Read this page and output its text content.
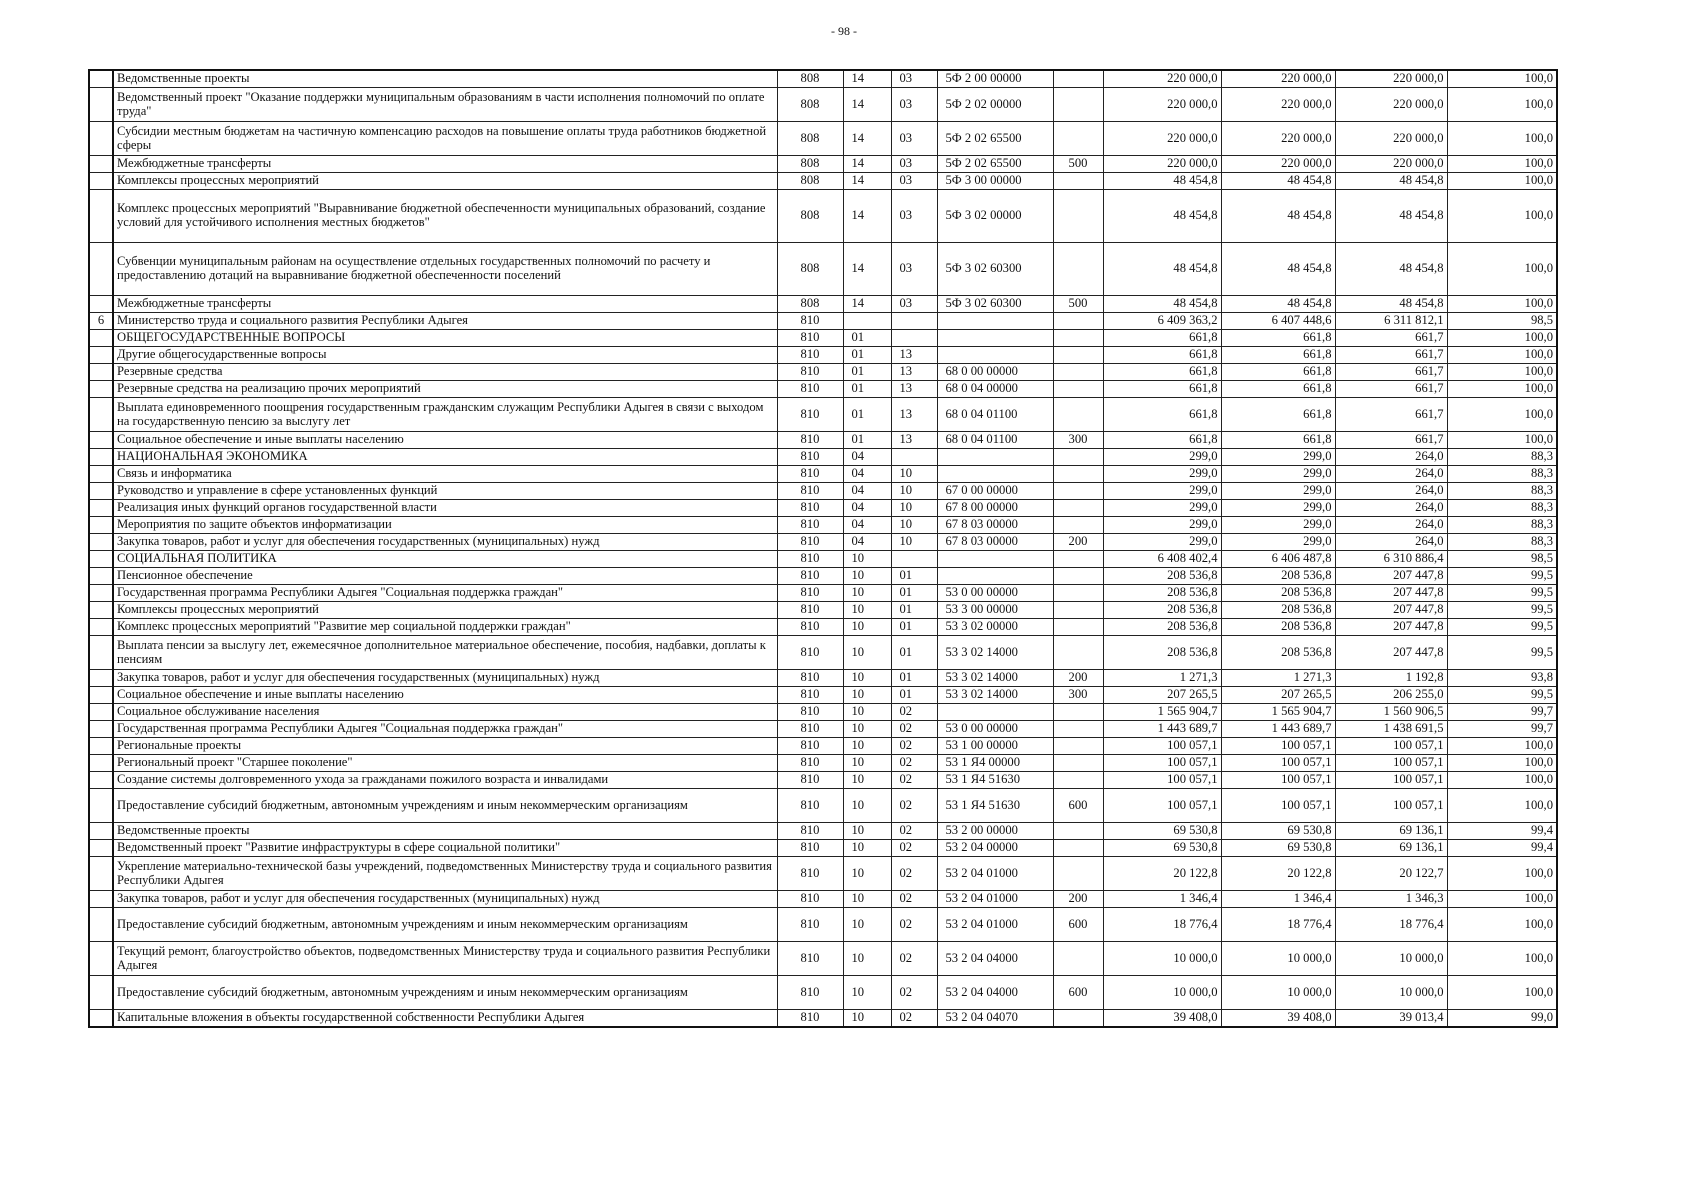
- 98 -
	Ведомственные проекты	808	14	03	5Ф 2 00 00000		220 000,0	220 000,0	220 000,0	100,0
	Ведомственный проект "Оказание поддержки муниципальным образованиям в части исполнения полномочий по оплате труда"	808	14	03	5Ф 2 02 00000		220 000,0	220 000,0	220 000,0	100,0
	Субсидии местным бюджетам на частичную компенсацию расходов на повышение оплаты труда работников бюджетной сферы	808	14	03	5Ф 2 02 65500		220 000,0	220 000,0	220 000,0	100,0
	Межбюджетные трансферты	808	14	03	5Ф 2 02 65500	500	220 000,0	220 000,0	220 000,0	100,0
	Комплексы процессных мероприятий	808	14	03	5Ф 3 00 00000		48 454,8	48 454,8	48 454,8	100,0
	Комплекс процессных мероприятий "Выравнивание бюджетной обеспеченности муниципальных образований, создание условий для устойчивого исполнения местных бюджетов"	808	14	03	5Ф 3 02 00000		48 454,8	48 454,8	48 454,8	100,0
	Субвенции муниципальным районам на осуществление отдельных государственных полномочий по расчету и предоставлению дотаций на выравнивание бюджетной обеспеченности поселений	808	14	03	5Ф 3 02 60300		48 454,8	48 454,8	48 454,8	100,0
	Межбюджетные трансферты	808	14	03	5Ф 3 02 60300	500	48 454,8	48 454,8	48 454,8	100,0
6	Министерство труда и социального развития Республики Адыгея	810					6 409 363,2	6 407 448,6	6 311 812,1	98,5
	ОБЩЕГОСУДАРСТВЕННЫЕ ВОПРОСЫ	810	01				661,8	661,8	661,7	100,0
	Другие общегосударственные вопросы	810	01	13			661,8	661,8	661,7	100,0
	Резервные средства	810	01	13	68 0 00 00000		661,8	661,8	661,7	100,0
	Резервные средства на реализацию прочих мероприятий	810	01	13	68 0 04 00000		661,8	661,8	661,7	100,0
	Выплата единовременного поощрения государственным гражданским служащим Республики Адыгея в связи с выходом на государственную пенсию за выслугу лет	810	01	13	68 0 04 01100		661,8	661,8	661,7	100,0
	Социальное обеспечение и иные выплаты населению	810	01	13	68 0 04 01100	300	661,8	661,8	661,7	100,0
	НАЦИОНАЛЬНАЯ ЭКОНОМИКА	810	04				299,0	299,0	264,0	88,3
	Связь и информатика	810	04	10			299,0	299,0	264,0	88,3
	Руководство и управление в сфере установленных функций	810	04	10	67 0 00 00000		299,0	299,0	264,0	88,3
	Реализация иных функций органов государственной власти	810	04	10	67 8 00 00000		299,0	299,0	264,0	88,3
	Мероприятия по защите объектов информатизации	810	04	10	67 8 03 00000		299,0	299,0	264,0	88,3
	Закупка товаров, работ и услуг для обеспечения государственных (муниципальных) нужд	810	04	10	67 8 03 00000	200	299,0	299,0	264,0	88,3
	СОЦИАЛЬНАЯ ПОЛИТИКА	810	10				6 408 402,4	6 406 487,8	6 310 886,4	98,5
	Пенсионное обеспечение	810	10	01			208 536,8	208 536,8	207 447,8	99,5
	Государственная программа Республики Адыгея "Социальная поддержка граждан"	810	10	01	53 0 00 00000		208 536,8	208 536,8	207 447,8	99,5
	Комплексы процессных мероприятий	810	10	01	53 3 00 00000		208 536,8	208 536,8	207 447,8	99,5
	Комплекс процессных мероприятий "Развитие мер социальной поддержки граждан"	810	10	01	53 3 02 00000		208 536,8	208 536,8	207 447,8	99,5
	Выплата пенсии за выслугу лет, ежемесячное дополнительное материальное обеспечение, пособия, надбавки, доплаты к пенсиям	810	10	01	53 3 02 14000		208 536,8	208 536,8	207 447,8	99,5
	Закупка товаров, работ и услуг для обеспечения государственных (муниципальных) нужд	810	10	01	53 3 02 14000	200	1 271,3	1 271,3	1 192,8	93,8
	Социальное обеспечение и иные выплаты населению	810	10	01	53 3 02 14000	300	207 265,5	207 265,5	206 255,0	99,5
	Социальное обслуживание населения	810	10	02			1 565 904,7	1 565 904,7	1 560 906,5	99,7
	Государственная программа Республики Адыгея "Социальная поддержка граждан"	810	10	02	53 0 00 00000		1 443 689,7	1 443 689,7	1 438 691,5	99,7
	Региональные проекты	810	10	02	53 1 00 00000		100 057,1	100 057,1	100 057,1	100,0
	Региональный проект "Старшее поколение"	810	10	02	53 1 Я4 00000		100 057,1	100 057,1	100 057,1	100,0
	Создание системы долговременного ухода за гражданами пожилого возраста и инвалидами	810	10	02	53 1 Я4 51630		100 057,1	100 057,1	100 057,1	100,0
	Предоставление субсидий бюджетным, автономным учреждениям и иным некоммерческим организациям	810	10	02	53 1 Я4 51630	600	100 057,1	100 057,1	100 057,1	100,0
	Ведомственные проекты	810	10	02	53 2 00 00000		69 530,8	69 530,8	69 136,1	99,4
	Ведомственный проект "Развитие инфраструктуры в сфере социальной политики"	810	10	02	53 2 04 00000		69 530,8	69 530,8	69 136,1	99,4
	Укрепление материально-технической базы учреждений, подведомственных Министерству труда и социального развития Республики Адыгея	810	10	02	53 2 04 01000		20 122,8	20 122,8	20 122,7	100,0
	Закупка товаров, работ и услуг для обеспечения государственных (муниципальных) нужд	810	10	02	53 2 04 01000	200	1 346,4	1 346,4	1 346,3	100,0
	Предоставление субсидий бюджетным, автономным учреждениям и иным некоммерческим организациям	810	10	02	53 2 04 01000	600	18 776,4	18 776,4	18 776,4	100,0
	Текущий ремонт, благоустройство объектов, подведомственных Министерству труда и социального развития Республики Адыгея	810	10	02	53 2 04 04000		10 000,0	10 000,0	10 000,0	100,0
	Предоставление субсидий бюджетным, автономным учреждениям и иным некоммерческим организациям	810	10	02	53 2 04 04000	600	10 000,0	10 000,0	10 000,0	100,0
	Капитальные вложения в объекты государственной собственности Республики Адыгея	810	10	02	53 2 04 04070		39 408,0	39 408,0	39 013,4	99,0
